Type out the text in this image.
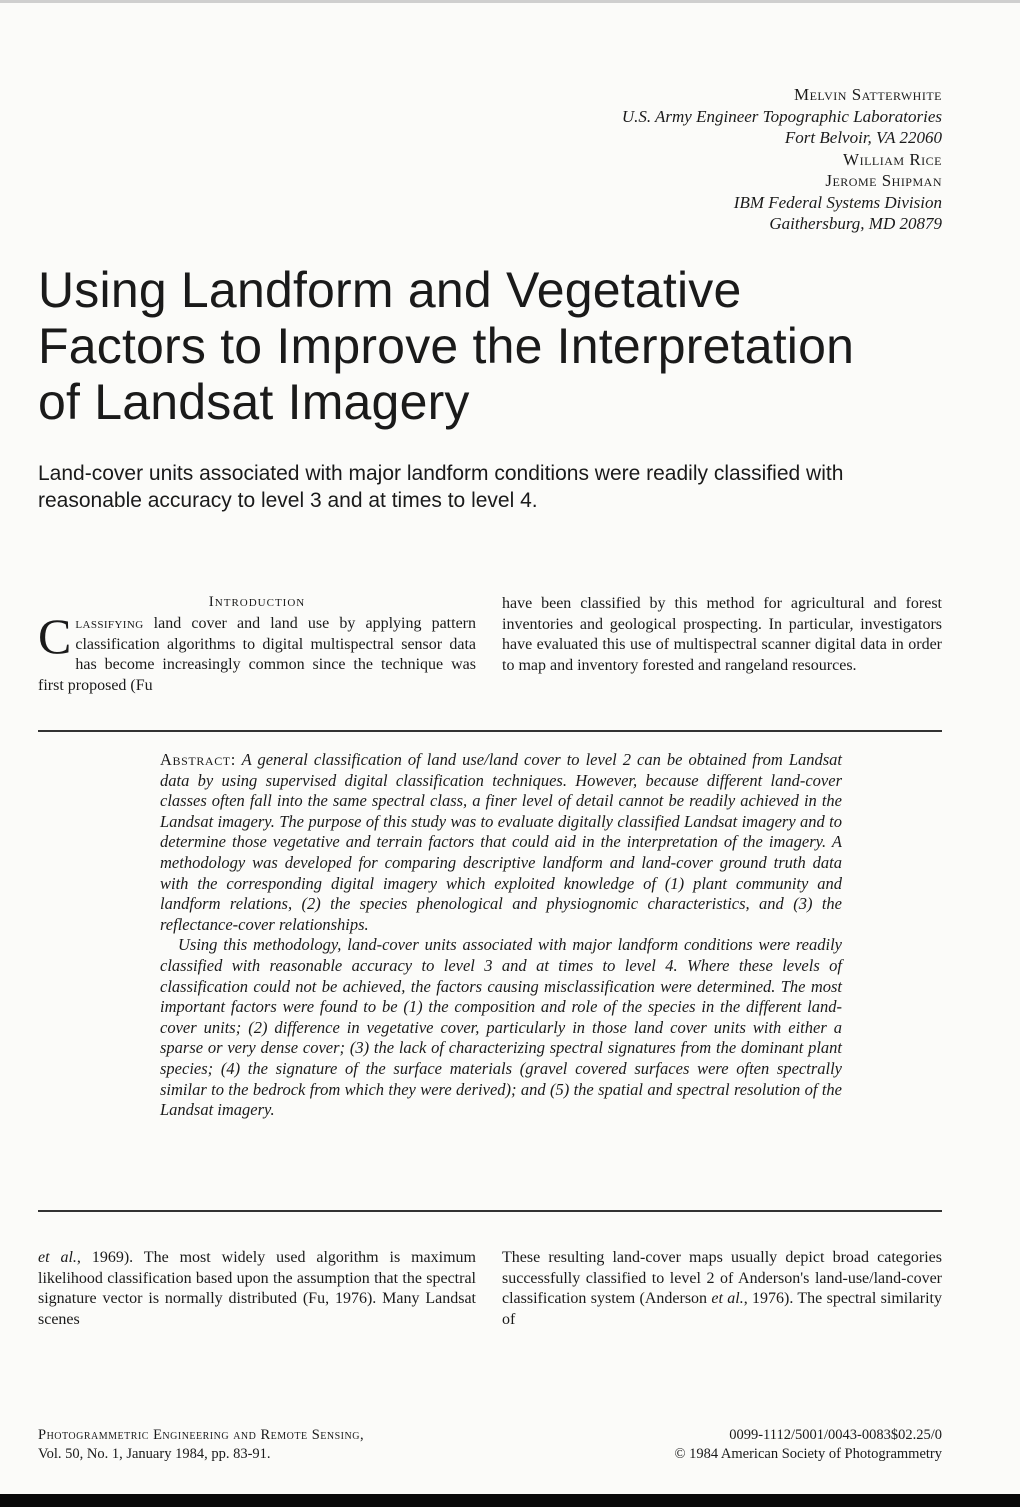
Melvin Satterwhite
U.S. Army Engineer Topographic Laboratories
Fort Belvoir, VA 22060
William Rice
Jerome Shipman
IBM Federal Systems Division
Gaithersburg, MD 20879
Using Landform and Vegetative
Factors to Improve the Interpretation
of Landsat Imagery

Land-cover units associated with major landform conditions were readily classified with reasonable accuracy to level 3 and at times to level 4.

Introduction
Classifying land cover and land use by applying pattern classification algorithms to digital multispectral sensor data has become increasingly common since the technique was first proposed (Fu
have been classified by this method for agricultural and forest inventories and geological prospecting. In particular, investigators have evaluated this use of multispectral scanner digital data in order to map and inventory forested and rangeland resources.

Abstract: A general classification of land use/land cover to level 2 can be obtained from Landsat data by using supervised digital classification techniques. However, because different land-cover classes often fall into the same spectral class, a finer level of detail cannot be readily achieved in the Landsat imagery. The purpose of this study was to evaluate digitally classified Landsat imagery and to determine those vegetative and terrain factors that could aid in the interpretation of the imagery. A methodology was developed for comparing descriptive landform and land-cover ground truth data with the corresponding digital imagery which exploited knowledge of (1) plant community and landform relations, (2) the species phenological and physiognomic characteristics, and (3) the reflectance-cover relationships.

Using this methodology, land-cover units associated with major landform conditions were readily classified with reasonable accuracy to level 3 and at times to level 4. Where these levels of classification could not be achieved, the factors causing misclassification were determined. The most important factors were found to be (1) the composition and role of the species in the different land-cover units; (2) difference in vegetative cover, particularly in those land cover units with either a sparse or very dense cover; (3) the lack of characterizing spectral signatures from the dominant plant species; (4) the signature of the surface materials (gravel covered surfaces were often spectrally similar to the bedrock from which they were derived); and (5) the spatial and spectral resolution of the Landsat imagery.

et al., 1969). The most widely used algorithm is maximum likelihood classification based upon the assumption that the spectral signature vector is normally distributed (Fu, 1976). Many Landsat scenes
These resulting land-cover maps usually depict broad categories successfully classified to level 2 of Anderson's land-use/land-cover classification system (Anderson et al., 1976). The spectral similarity of
Photogrammetric Engineering and Remote Sensing,
Vol. 50, No. 1, January 1984, pp. 83-91.
0099-1112/5001/0043-0083$02.25/0
© 1984 American Society of Photogrammetry
